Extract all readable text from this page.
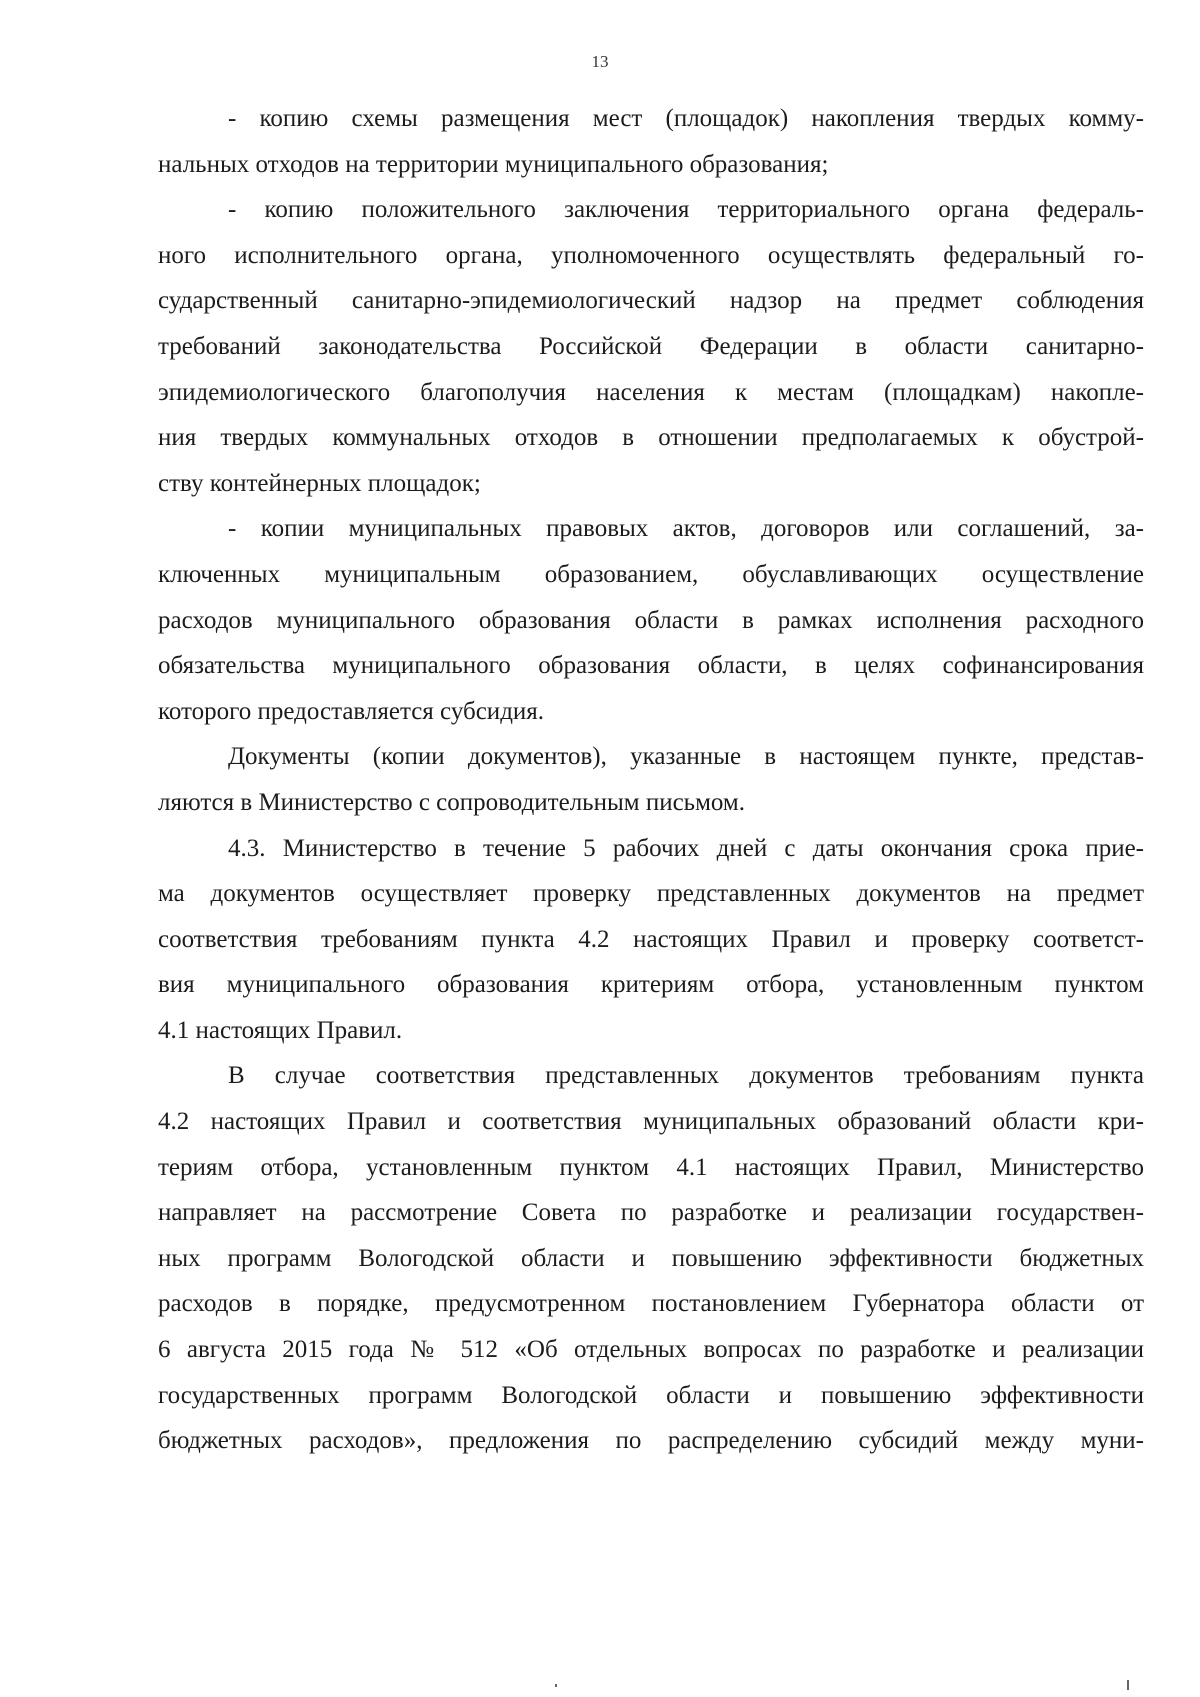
13

- копию схемы размещения мест (площадок) накопления твердых комму-
нальных отходов на территории муниципального образования;

- копию положительного заключения территориального органа федераль-
ного исполнительного органа, уполномоченного осуществлять федеральный го-
сударственный санитарно-эпидемиологический надзор на предмет соблюдения
требований законодательства Российской Федерации в области санитарно-
эпидемиологического благополучия населения к местам (площадкам) накопле-
ния твердых коммунальных отходов в отношении предполагаемых к обустрой-
ству контейнерных площадок;

- копии муниципальных правовых актов, договоров или соглашений, за-
ключенных муниципальным образованием, обуславливающих осуществление
расходов муниципального образования области в рамках исполнения расходного
обязательства муниципального образования области, в целях софинансирования
которого предоставляется субсидия.

Документы (копии документов), указанные в настоящем пункте, представ-
ляются в Министерство с сопроводительным письмом.

4.3. Министерство в течение 5 рабочих дней с даты окончания срока прие-
ма документов осуществляет проверку представленных документов на предмет
соответствия требованиям пункта 4.2 настоящих Правил и проверку соответст-
вия муниципального образования критериям отбора, установленным пунктом
4.1 настоящих Правил.

В случае соответствия представленных документов требованиям пункта
4.2 настоящих Правил и соответствия муниципальных образований области кри-
териям отбора, установленным пунктом 4.1 настоящих Правил, Министерство
направляет на рассмотрение Совета по разработке и реализации государствен-
ных программ Вологодской области и повышению эффективности бюджетных
расходов в порядке, предусмотренном постановлением Губернатора области от
6 августа 2015 года № 512 «Об отдельных вопросах по разработке и реализации
государственных программ Вологодской области и повышению эффективности
бюджетных расходов», предложения по распределению субсидий между муни-
